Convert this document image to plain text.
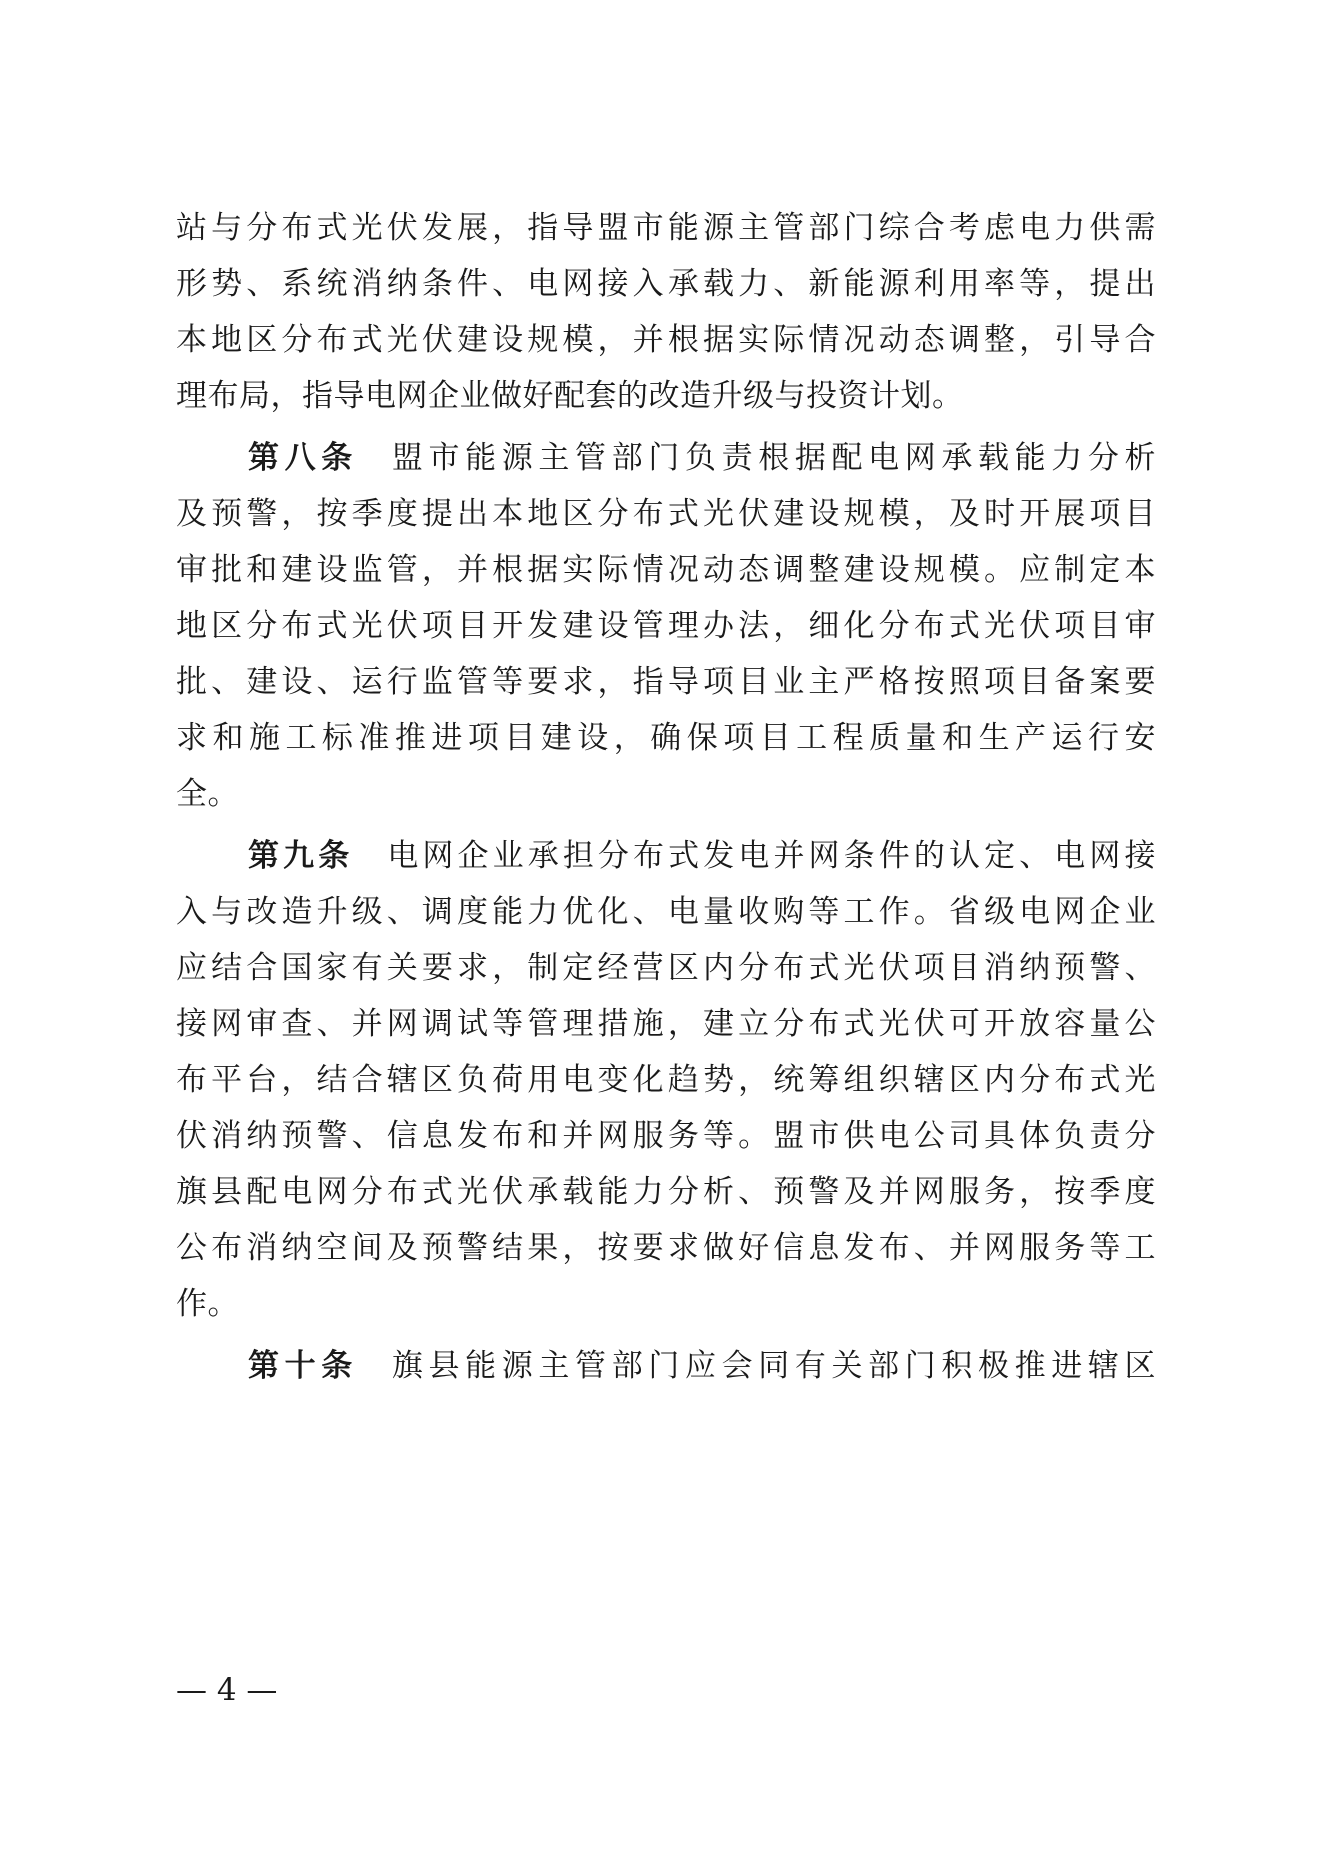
站与分布式光伏发展，指导盟市能源主管部门综合考虑电力供需
形势、系统消纳条件、电网接入承载力、新能源利用率等，提出
本地区分布式光伏建设规模，并根据实际情况动态调整，引导合
理布局，指导电网企业做好配套的改造升级与投资计划。
第八条 盟市能源主管部门负责根据配电网承载能力分析
及预警，按季度提出本地区分布式光伏建设规模，及时开展项目
审批和建设监管，并根据实际情况动态调整建设规模。应制定本
地区分布式光伏项目开发建设管理办法，细化分布式光伏项目审
批、建设、运行监管等要求，指导项目业主严格按照项目备案要
求和施工标准推进项目建设，确保项目工程质量和生产运行安
全。
第九条 电网企业承担分布式发电并网条件的认定、电网接
入与改造升级、调度能力优化、电量收购等工作。省级电网企业
应结合国家有关要求，制定经营区内分布式光伏项目消纳预警、
接网审查、并网调试等管理措施，建立分布式光伏可开放容量公
布平台，结合辖区负荷用电变化趋势，统筹组织辖区内分布式光
伏消纳预警、信息发布和并网服务等。盟市供电公司具体负责分
旗县配电网分布式光伏承载能力分析、预警及并网服务，按季度
公布消纳空间及预警结果，按要求做好信息发布、并网服务等工
作。
第十条 旗县能源主管部门应会同有关部门积极推进辖区
— 4 —
